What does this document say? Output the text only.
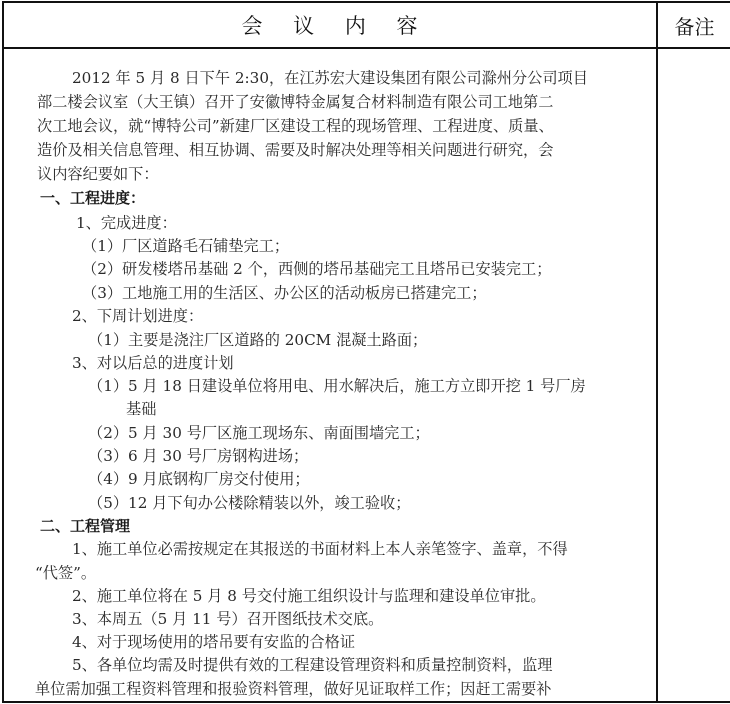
会 议 内 容	备注
2012 年 5 月 8 日下午 2:30，在江苏宏大建设集团有限公司滁州分公司项目
部二楼会议室（大王镇）召开了安徽博特金属复合材料制造有限公司工地第二
次工地会议，就“博特公司”新建厂区建设工程的现场管理、工程进度、质量、
造价及相关信息管理、相互协调、需要及时解决处理等相关问题进行研究，会
议内容纪要如下：
一、工程进度：
1、完成进度：
（1）厂区道路毛石铺垫完工；
（2）研发楼塔吊基础 2 个，西侧的塔吊基础完工且塔吊已安装完工；
（3）工地施工用的生活区、办公区的活动板房已搭建完工；
2、下周计划进度：
（1）主要是浇注厂区道路的 20CM 混凝土路面；
3、对以后总的进度计划
（1）5 月 18 日建设单位将用电、用水解决后，施工方立即开挖 1 号厂房
基础
（2）5 月 30 号厂区施工现场东、南面围墙完工；
（3）6 月 30 号厂房钢构进场；
（4）9 月底钢构厂房交付使用；
（5）12 月下旬办公楼除精装以外，竣工验收；
二、工程管理
1、施工单位必需按规定在其报送的书面材料上本人亲笔签字、盖章，不得
“代签”。
2、施工单位将在 5 月 8 号交付施工组织设计与监理和建设单位审批。
3、本周五（5 月 11 号）召开图纸技术交底。
4、对于现场使用的塔吊要有安监的合格证
5、各单位均需及时提供有效的工程建设管理资料和质量控制资料，监理
单位需加强工程资料管理和报验资料管理，做好见证取样工作；因赶工需要补
